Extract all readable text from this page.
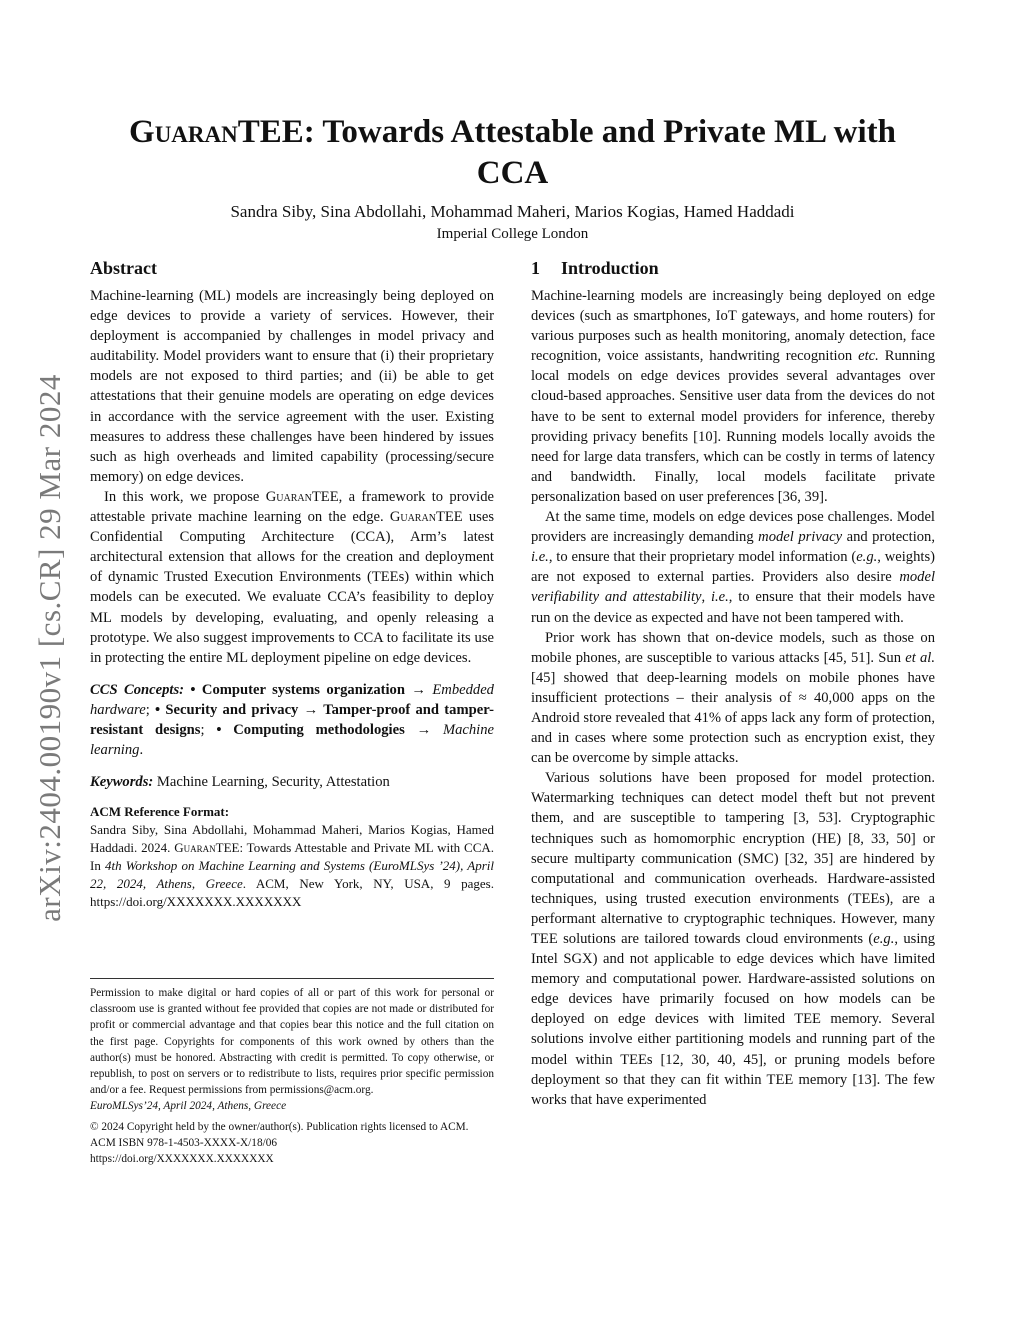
arXiv:2404.00190v1 [cs.CR] 29 Mar 2024
GuaranTEE: Towards Attestable and Private ML with CCA
Sandra Siby, Sina Abdollahi, Mohammad Maheri, Marios Kogias, Hamed Haddadi
Imperial College London
Abstract

Machine-learning (ML) models are increasingly being deployed on edge devices to provide a variety of services. However, their deployment is accompanied by challenges in model privacy and auditability. Model providers want to ensure that (i) their proprietary models are not exposed to third parties; and (ii) be able to get attestations that their genuine models are operating on edge devices in accordance with the service agreement with the user. Existing measures to address these challenges have been hindered by issues such as high overheads and limited capability (processing/secure memory) on edge devices.

In this work, we propose GuaranTEE, a framework to provide attestable private machine learning on the edge. GuaranTEE uses Confidential Computing Architecture (CCA), Arm’s latest architectural extension that allows for the creation and deployment of dynamic Trusted Execution Environments (TEEs) within which models can be executed. We evaluate CCA’s feasibility to deploy ML models by developing, evaluating, and openly releasing a prototype. We also suggest improvements to CCA to facilitate its use in protecting the entire ML deployment pipeline on edge devices.

CCS Concepts: • Computer systems organization → Embedded hardware; • Security and privacy → Tamper-proof and tamper-resistant designs; • Computing methodologies → Machine learning.
Keywords: Machine Learning, Security, Attestation
ACM Reference Format:
Sandra Siby, Sina Abdollahi, Mohammad Maheri, Marios Kogias, Hamed Haddadi. 2024. GuaranTEE: Towards Attestable and Private ML with CCA. In 4th Workshop on Machine Learning and Systems (EuroMLSys ’24), April 22, 2024, Athens, Greece. ACM, New York, NY, USA, 9 pages. https://doi.org/XXXXXXX.XXXXXXX

Permission to make digital or hard copies of all or part of this work for personal or classroom use is granted without fee provided that copies are not made or distributed for profit or commercial advantage and that copies bear this notice and the full citation on the first page. Copyrights for components of this work owned by others than the author(s) must be honored. Abstracting with credit is permitted. To copy otherwise, or republish, to post on servers or to redistribute to lists, requires prior specific permission and/or a fee. Request permissions from permissions@acm.org.

EuroMLSys’24, April 2024, Athens, Greece

© 2024 Copyright held by the owner/author(s). Publication rights licensed to ACM.

ACM ISBN 978-1-4503-XXXX-X/18/06

https://doi.org/XXXXXXX.XXXXXXX

1 Introduction

Machine-learning models are increasingly being deployed on edge devices (such as smartphones, IoT gateways, and home routers) for various purposes such as health monitoring, anomaly detection, face recognition, voice assistants, handwriting recognition etc. Running local models on edge devices provides several advantages over cloud-based approaches. Sensitive user data from the devices do not have to be sent to external model providers for inference, thereby providing privacy benefits [10]. Running models locally avoids the need for large data transfers, which can be costly in terms of latency and bandwidth. Finally, local models facilitate private personalization based on user preferences [36, 39].

At the same time, models on edge devices pose challenges. Model providers are increasingly demanding model privacy and protection, i.e., to ensure that their proprietary model information (e.g., weights) are not exposed to external parties. Providers also desire model verifiability and attestability, i.e., to ensure that their models have run on the device as expected and have not been tampered with.

Prior work has shown that on-device models, such as those on mobile phones, are susceptible to various attacks [45, 51]. Sun et al. [45] showed that deep-learning models on mobile phones have insufficient protections – their analysis of ≈ 40,000 apps on the Android store revealed that 41% of apps lack any form of protection, and in cases where some protection such as encryption exist, they can be overcome by simple attacks.

Various solutions have been proposed for model protection. Watermarking techniques can detect model theft but not prevent them, and are susceptible to tampering [3, 53]. Cryptographic techniques such as homomorphic encryption (HE) [8, 33, 50] or secure multiparty communication (SMC) [32, 35] are hindered by computational and communication overheads. Hardware-assisted techniques, using trusted execution environments (TEEs), are a performant alternative to cryptographic techniques. However, many TEE solutions are tailored towards cloud environments (e.g., using Intel SGX) and not applicable to edge devices which have limited memory and computational power. Hardware-assisted solutions on edge devices have primarily focused on how models can be deployed on edge devices with limited TEE memory. Several solutions involve either partitioning models and running part of the model within TEEs [12, 30, 40, 45], or pruning models before deployment so that they can fit within TEE memory [13]. The few works that have experimented
